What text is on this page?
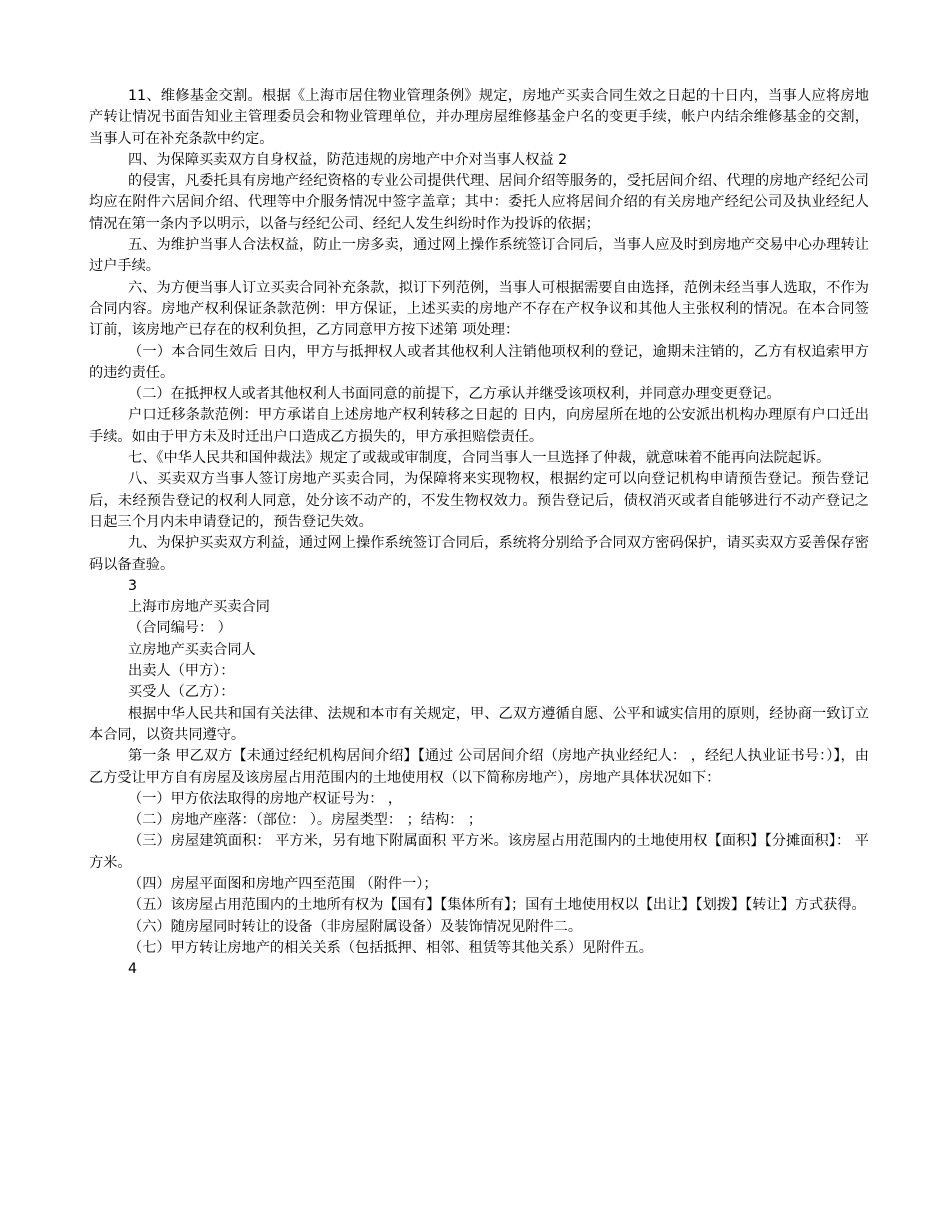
11、维修基金交割。根据《上海市居住物业管理条例》规定，房地产买卖合同生效之日起的十日内，当事人应将房地产转让情况书面告知业主管理委员会和物业管理单位，并办理房屋维修基金户名的变更手续，帐户内结余维修基金的交割，当事人可在补充条款中约定。

四、为保障买卖双方自身权益，防范违规的房地产中介对当事人权益 2

的侵害，凡委托具有房地产经纪资格的专业公司提供代理、居间介绍等服务的，受托居间介绍、代理的房地产经纪公司均应在附件六居间介绍、代理等中介服务情况中签字盖章；其中：委托人应将居间介绍的有关房地产经纪公司及执业经纪人情况在第一条内予以明示，以备与经纪公司、经纪人发生纠纷时作为投诉的依据；

五、为维护当事人合法权益，防止一房多卖，通过网上操作系统签订合同后，当事人应及时到房地产交易中心办理转让过户手续。

六、为方便当事人订立买卖合同补充条款，拟订下列范例，当事人可根据需要自由选择，范例未经当事人选取，不作为合同内容。房地产权利保证条款范例：甲方保证，上述买卖的房地产不存在产权争议和其他人主张权利的情况。在本合同签订前，该房地产已存在的权利负担，乙方同意甲方按下述第 项处理：

（一）本合同生效后 日内，甲方与抵押权人或者其他权利人注销他项权利的登记，逾期未注销的，乙方有权追索甲方的违约责任。

（二）在抵押权人或者其他权利人书面同意的前提下，乙方承认并继受该项权利，并同意办理变更登记。

户口迁移条款范例：甲方承诺自上述房地产权利转移之日起的 日内，向房屋所在地的公安派出机构办理原有户口迁出手续。如由于甲方未及时迁出户口造成乙方损失的，甲方承担赔偿责任。

七、《中华人民共和国仲裁法》规定了或裁或审制度，合同当事人一旦选择了仲裁，就意味着不能再向法院起诉。

八、买卖双方当事人签订房地产买卖合同，为保障将来实现物权，根据约定可以向登记机构申请预告登记。预告登记后，未经预告登记的权利人同意，处分该不动产的，不发生物权效力。预告登记后，债权消灭或者自能够进行不动产登记之日起三个月内未申请登记的，预告登记失效。

九、为保护买卖双方利益，通过网上操作系统签订合同后，系统将分别给予合同双方密码保护，请买卖双方妥善保存密码以备查验。

3

上海市房地产买卖合同

（合同编号： ）

立房地产买卖合同人

出卖人（甲方）：

买受人（乙方）：

根据中华人民共和国有关法律、法规和本市有关规定，甲、乙双方遵循自愿、公平和诚实信用的原则，经协商一致订立本合同，以资共同遵守。

第一条 甲乙双方【未通过经纪机构居间介绍】【通过 公司居间介绍（房地产执业经纪人： ，经纪人执业证书号：）】，由乙方受让甲方自有房屋及该房屋占用范围内的土地使用权（以下简称房地产），房地产具体状况如下：

（一）甲方依法取得的房地产权证号为： ，

（二）房地产座落：（部位： ）。房屋类型： ；结构： ；

（三）房屋建筑面积： 平方米，另有地下附属面积 平方米。该房屋占用范围内的土地使用权【面积】【分摊面积】： 平方米。

（四）房屋平面图和房地产四至范围 （附件一）；

（五）该房屋占用范围内的土地所有权为【国有】【集体所有】；国有土地使用权以【出让】【划拨】【转让】方式获得。

（六）随房屋同时转让的设备（非房屋附属设备）及装饰情况见附件二。

（七）甲方转让房地产的相关关系（包括抵押、相邻、租赁等其他关系）见附件五。

4
